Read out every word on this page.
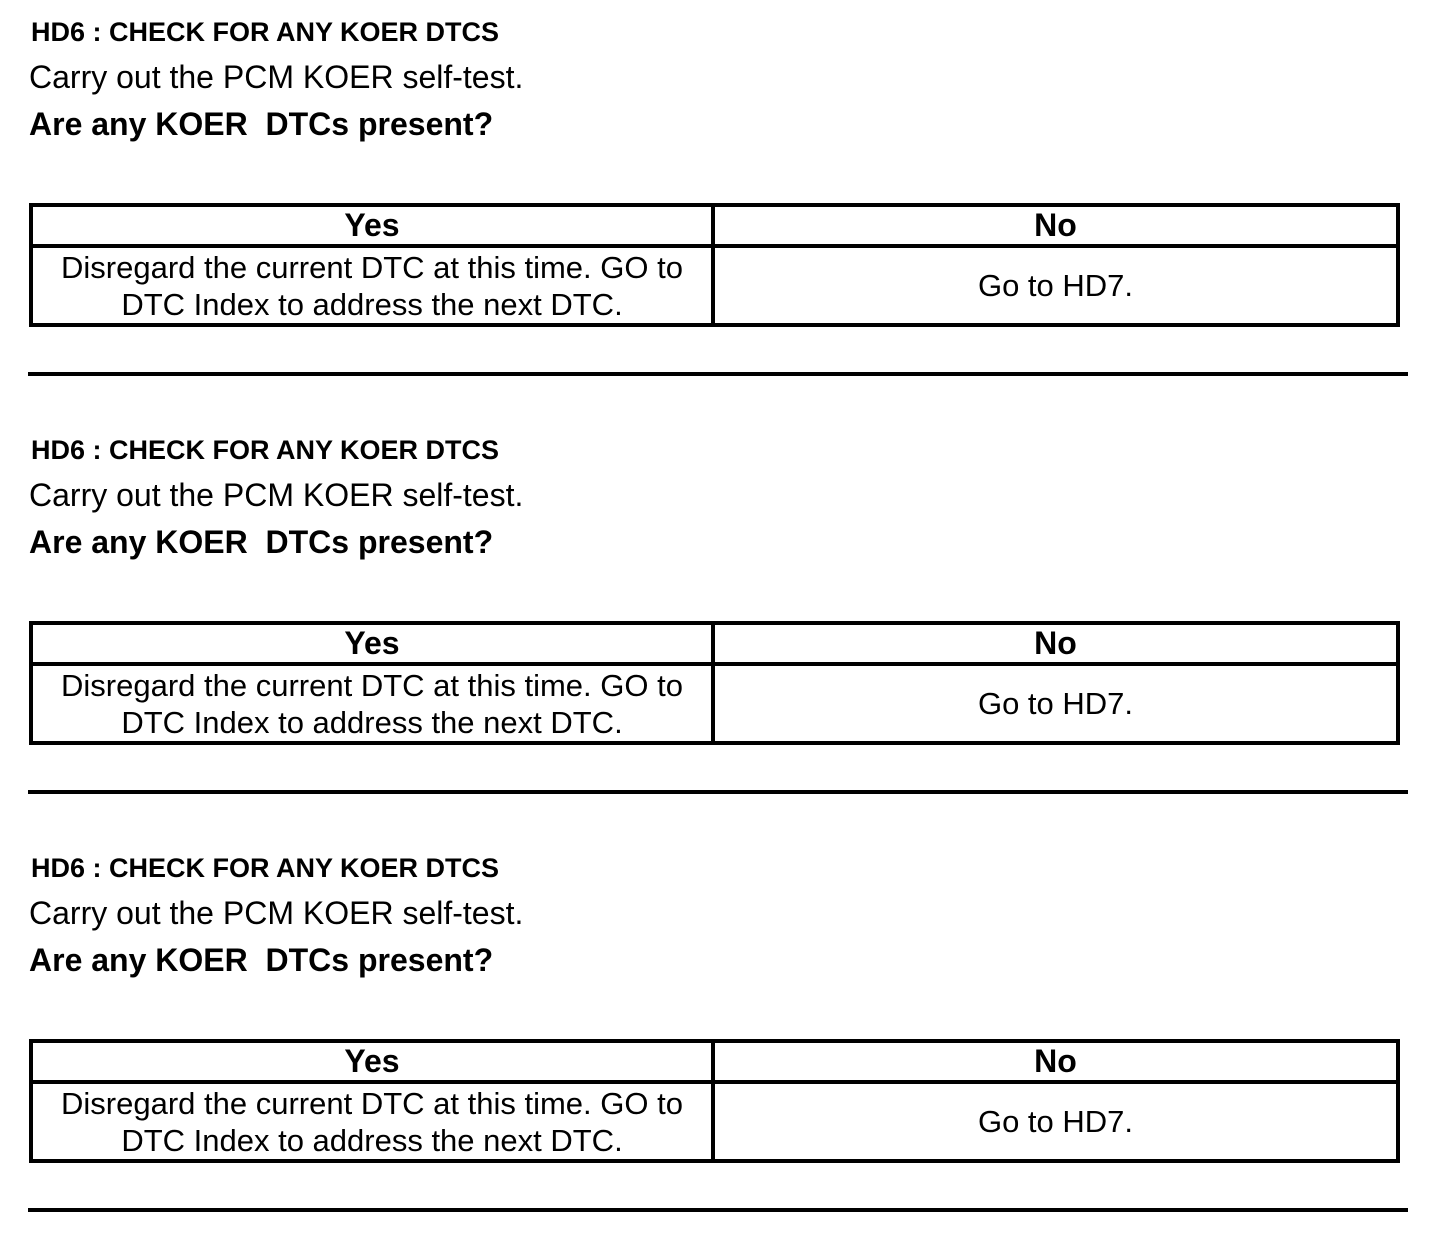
HD6 : CHECK FOR ANY KOER DTCS
Carry out the PCM KOER self-test.
Are any KOER  DTCs present?
Yes	No
Disregard the current DTC at this time. GO to DTC Index to address the next DTC.	Go to HD7.
HD6 : CHECK FOR ANY KOER DTCS
Carry out the PCM KOER self-test.
Are any KOER  DTCs present?
Yes	No
Disregard the current DTC at this time. GO to DTC Index to address the next DTC.	Go to HD7.
HD6 : CHECK FOR ANY KOER DTCS
Carry out the PCM KOER self-test.
Are any KOER  DTCs present?
Yes	No
Disregard the current DTC at this time. GO to DTC Index to address the next DTC.	Go to HD7.
